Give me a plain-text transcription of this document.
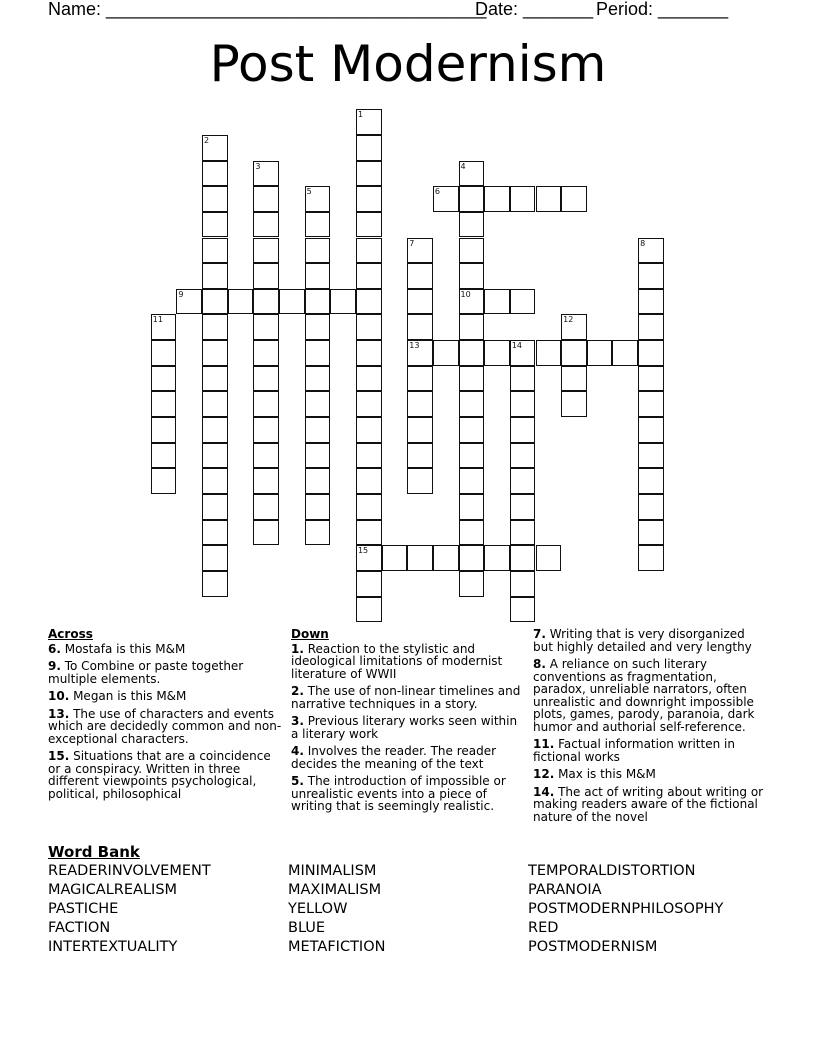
Name: ______________________________________
Date: _______ Period: _______
Post Modernism
1
15
2
3	4
10
5	6
7
13
8
9
11	12
14
Across
6. Mostafa is this M&M
9. To Combine or paste together multiple elements.
10. Megan is this M&M
13. The use of characters and events which are decidedly common and non-exceptional characters.
15. Situations that are a coincidence or a conspiracy. Written in three different viewpoints psychological, political, philosophical
Down
1. Reaction to the stylistic and ideological limitations of modernist literature of WWII
2. The use of non-linear timelines and narrative techniques in a story.
3. Previous literary works seen within a literary work
4. Involves the reader. The reader decides the meaning of the text
5. The introduction of impossible or unrealistic events into a piece of writing that is seemingly realistic.
7. Writing that is very disorganized but highly detailed and very lengthy
8. A reliance on such literary conventions as fragmentation, paradox, unreliable narrators, often unrealistic and downright impossible plots, games, parody, paranoia, dark humor and authorial self-reference.
11. Factual information written in fictional works
12. Max is this M&M
14. The act of writing about writing or making readers aware of the fictional nature of the novel
Word Bank
READERINVOLVEMENT
MAGICALREALISM
PASTICHE
FACTION
INTERTEXTUALITY
MINIMALISM
MAXIMALISM
YELLOW
BLUE
METAFICTION
TEMPORALDISTORTION
PARANOIA
POSTMODERNPHILOSOPHY
RED
POSTMODERNISM
